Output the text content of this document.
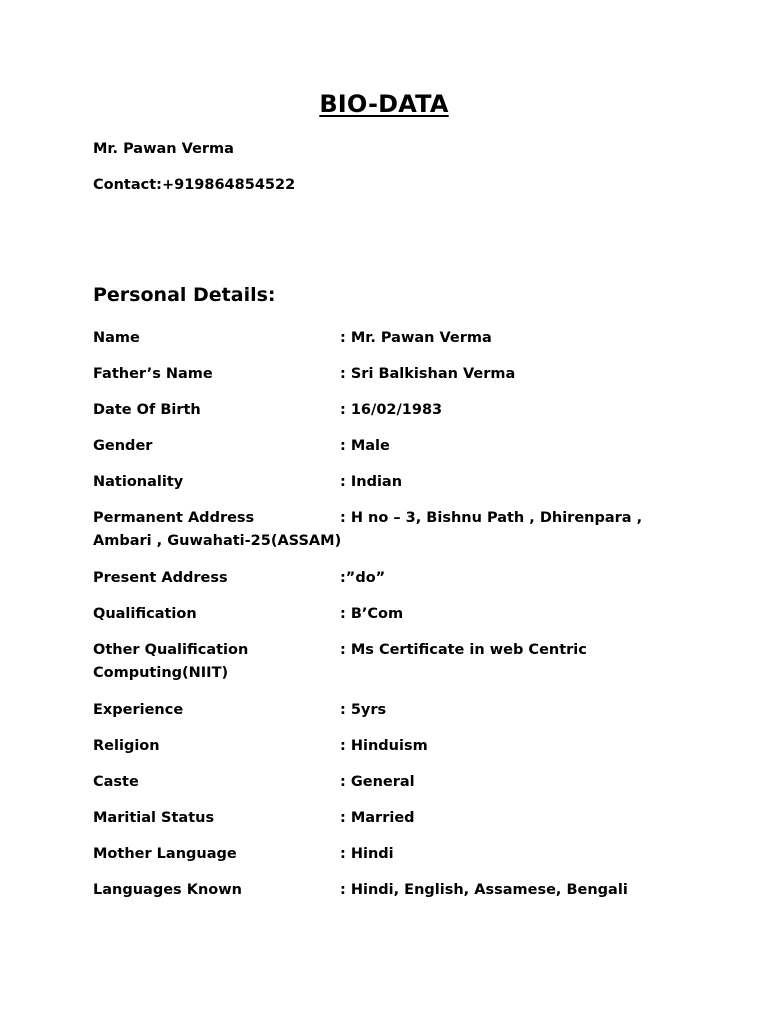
BIO-DATA
Mr. Pawan Verma
Contact:+919864854522
Personal Details:
Name	: Mr. Pawan Verma
Father’s Name	: Sri Balkishan Verma
Date Of Birth	: 16/02/1983
Gender	: Male
Nationality	: Indian
Permanent Address	: H no – 3, Bishnu Path , Dhirenpara ,
Ambari , Guwahati-25(ASSAM)
Present Address	:”do”
Qualification	: B’Com
Other Qualification	: Ms Certificate in web Centric
Computing(NIIT)
Experience	: 5yrs
Religion	: Hinduism
Caste	: General
Maritial Status	: Married
Mother Language	: Hindi
Languages Known	: Hindi, English, Assamese, Bengali
